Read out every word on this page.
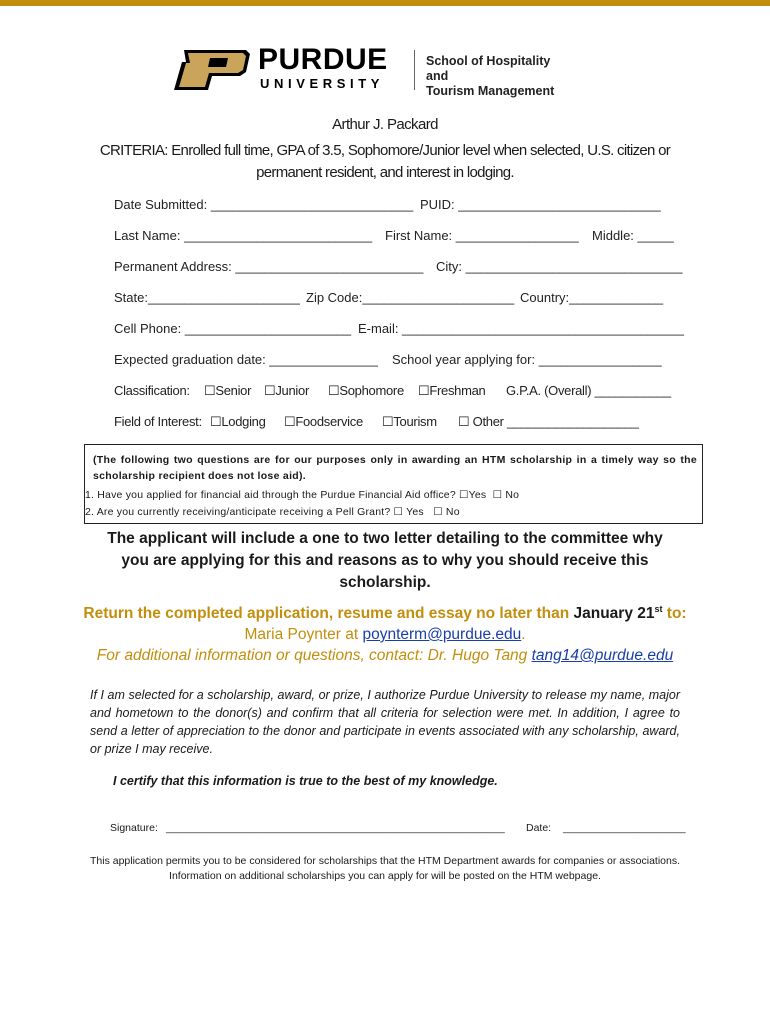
PURDUE
UNIVERSITY
School of Hospitality and
Tourism Management
Arthur J. Packard
CRITERIA: Enrolled full time, GPA of 3.5, Sophomore/Junior level when selected, U.S. citizen or
permanent resident, and interest in lodging.
Date Submitted: ____________________________ PUID: ____________________________
Last Name: __________________________ First Name: _________________ Middle: _____
Permanent Address: __________________________ City: ______________________________
State:_____________________ Zip Code:_____________________ Country:_____________
Cell Phone: _______________________ E-mail: _______________________________________
Expected graduation date: _______________ School year applying for: _________________
Classification: ☐Senior ☐Junior ☐Sophomore ☐Freshman G.P.A. (Overall) ___________
Field of Interest: ☐Lodging ☐Foodservice ☐Tourism ☐ Other ___________________
(The following two questions are for our purposes only in awarding an HTM scholarship in a timely way so the scholarship recipient does not lose aid).
1. Have you applied for financial aid through the Purdue Financial Aid office? ☐Yes  ☐ No
2. Are you currently receiving/anticipate receiving a Pell Grant? ☐ Yes   ☐ No
The applicant will include a one to two letter detailing to the committee why
you are applying for this and reasons as to why you should receive this
scholarship.
Return the completed application, resume and essay no later than January 21st to:
Maria Poynter at poynterm@purdue.edu.
For additional information or questions, contact: Dr. Hugo Tang tang14@purdue.edu
If I am selected for a scholarship, award, or prize, I authorize Purdue University to release my name, major and hometown to the donor(s) and confirm that all criteria for selection were met. In addition, I agree to send a letter of appreciation to the donor and participate in events associated with any scholarship, award, or prize I may receive.
I certify that this information is true to the best of my knowledge.
Signature: __________________________________________________________ Date: _____________________
This application permits you to be considered for scholarships that the HTM Department awards for companies or associations.
Information on additional scholarships you can apply for will be posted on the HTM webpage.
